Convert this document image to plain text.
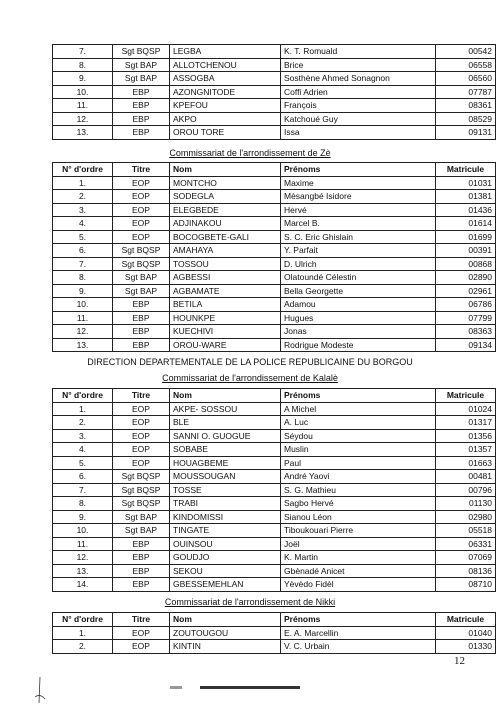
7.	Sgt BQSP	LEGBA	K. T. Romuald	00542
8.	Sgt BAP	ALLOTCHENOU	Brice	06558
9.	Sgt BAP	ASSOGBA	Sosthène Ahmed Sonagnon	06560
10.	EBP	AZONGNITODE	Coffi Adrien	07787
11.	EBP	KPEFOU	François	08361
12.	EBP	AKPO	Katchoué Guy	08529
13.	EBP	OROU TORE	Issa	09131
Commissariat de l'arrondissement de Zè
N° d'ordre	Titre	Nom	Prénoms	Matricule
1.	EOP	MONTCHO	Maxime	01031
2.	EOP	SODEGLA	Mèsangbé Isidore	01381
3.	EOP	ELEGBEDE	Hervé	01436
4.	EOP	ADJINAKOU	Marcel B.	01614
5.	EOP	BOCOGBETE-GALI	S. C. Eric Ghislain	01699
6.	Sgt BQSP	AMAHAYA	Y. Parfait	00391
7.	Sgt BQSP	TOSSOU	D. Ulrich	00868
8.	Sgt BAP	AGBESSI	Olatoundé Célestin	02890
9.	Sgt BAP	AGBAMATE	Bella Georgette	02961
10.	EBP	BETILA	Adamou	06786
11.	EBP	HOUNKPE	Hugues	07799
12.	EBP	KUECHIVI	Jonas	08363
13.	EBP	OROU-WARE	Rodrigue Modeste	09134
DIRECTION DEPARTEMENTALE DE LA POLICE REPUBLICAINE DU BORGOU
Commissariat de l'arrondissement de Kalalè
N° d'ordre	Titre	Nom	Prénoms	Matricule
1.	EOP	AKPE- SOSSOU	A Michel	01024
2.	EOP	BLE	A. Luc	01317
3.	EOP	SANNI O. GUOGUE	Séydou	01356
4.	EOP	SOBABE	Muslin	01357
5.	EOP	HOUAGBEME	Paul	01663
6.	Sgt BQSP	MOUSSOUGAN	André Yaovi	00481
7.	Sgt BQSP	TOSSE	S. G. Mathieu	00796
8.	Sgt BQSP	TRABI	Sagbo Hervé	01130
9.	Sgt BAP	KINDOMISSI	Sianou Léon	02980
10.	Sgt BAP	TINGATE	Tiboukouari Pierre	05518
11.	EBP	OUINSOU	Joël	06331
12.	EBP	GOUDJO	K. Martin	07069
13.	EBP	SEKOU	Gbènadé Anicet	08136
14.	EBP	GBESSEMEHLAN	Yèvèdo Fidèl	08710
Commissariat de l'arrondissement de Nikki
N° d'ordre	Titre	Nom	Prénoms	Matricule
1.	EOP	ZOUTOUGOU	E. A. Marcellin	01040
2.	EOP	KINTIN	V. C. Urbain	01330
12
